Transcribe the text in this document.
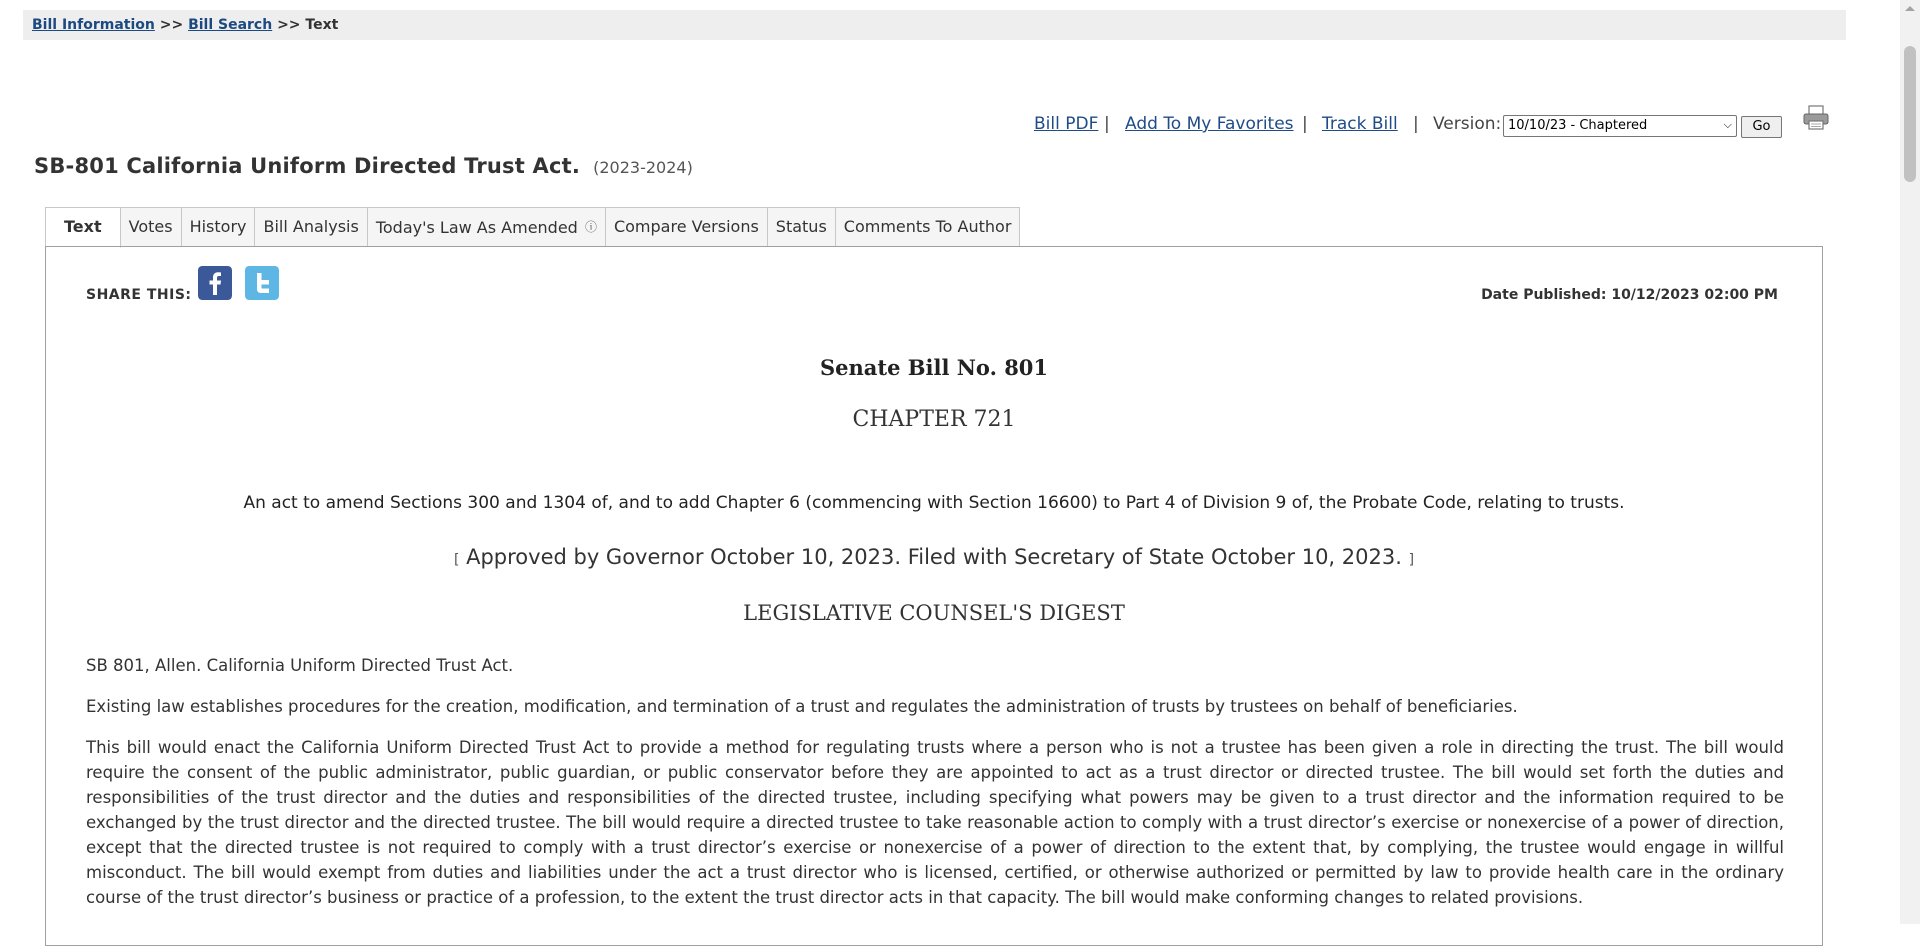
Bill Information >> Bill Search >> Text
Bill PDF | Add To My Favorites | Track Bill | Version: 10/10/23 - Chaptered	⌵	Go
SB-801 California Uniform Directed Trust Act. (2023-2024)
Text	Votes	History	Bill Analysis	Today's Law As Amended ⓘ	Compare Versions	Status	Comments To Author
SHARE THIS:	Date Published: 10/12/2023 02:00 PM
Senate Bill No. 801
CHAPTER 721
An act to amend Sections 300 and 1304 of, and to add Chapter 6 (commencing with Section 16600) to Part 4 of Division 9 of, the Probate Code, relating to trusts.
[ Approved by Governor October 10, 2023. Filed with Secretary of State October 10, 2023. ]
LEGISLATIVE COUNSEL'S DIGEST
SB 801, Allen. California Uniform Directed Trust Act.
Existing law establishes procedures for the creation, modification, and termination of a trust and regulates the administration of trusts by trustees on behalf of beneficiaries.
This bill would enact the California Uniform Directed Trust Act to provide a method for regulating trusts where a person who is not a trustee has been given a role in directing the trust. The bill would require the consent of the public administrator, public guardian, or public conservator before they are appointed to act as a trust director or directed trustee. The bill would set forth the duties and responsibilities of the trust director and the duties and responsibilities of the directed trustee, including specifying what powers may be given to a trust director and the information required to be exchanged by the trust director and the directed trustee. The bill would require a directed trustee to take reasonable action to comply with a trust director’s exercise or nonexercise of a power of direction, except that the directed trustee is not required to comply with a trust director’s exercise or nonexercise of a power of direction to the extent that, by complying, the trustee would engage in willful misconduct. The bill would exempt from duties and liabilities under the act a trust director who is licensed, certified, or otherwise authorized or permitted by law to provide health care in the ordinary course of the trust director’s business or practice of a profession, to the extent the trust director acts in that capacity. The bill would make conforming changes to related provisions.
